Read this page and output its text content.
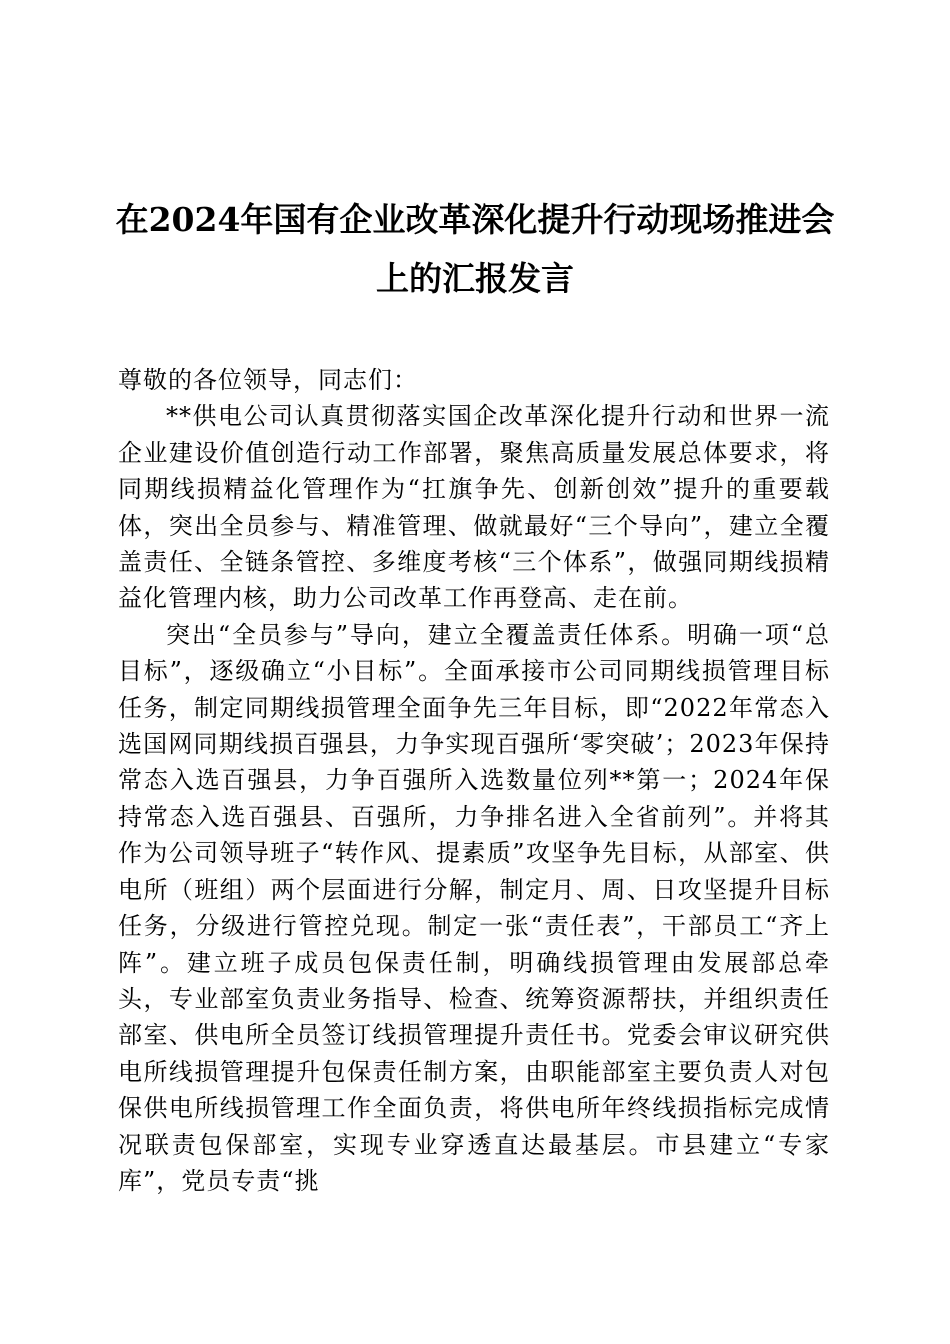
在2024年国有企业改革深化提升行动现场推进会上的汇报发言

尊敬的各位领导，同志们：

**供电公司认真贯彻落实国企改革深化提升行动和世界一流企业建设价值创造行动工作部署，聚焦高质量发展总体要求，将同期线损精益化管理作为“扛旗争先、创新创效”提升的重要载体，突出全员参与、精准管理、做就最好“三个导向”，建立全覆盖责任、全链条管控、多维度考核“三个体系”，做强同期线损精益化管理内核，助力公司改革工作再登高、走在前。

突出“全员参与”导向，建立全覆盖责任体系。明确一项“总目标”，逐级确立“小目标”。全面承接市公司同期线损管理目标任务，制定同期线损管理全面争先三年目标，即“2022年常态入选国网同期线损百强县，力争实现百强所‘零突破’；2023年保持常态入选百强县，力争百强所入选数量位列**第一；2024年保持常态入选百强县、百强所，力争排名进入全省前列”。并将其作为公司领导班子“转作风、提素质”攻坚争先目标，从部室、供电所（班组）两个层面进行分解，制定月、周、日攻坚提升目标任务，分级进行管控兑现。制定一张“责任表”，干部员工“齐上阵”。建立班子成员包保责任制，明确线损管理由发展部总牵头，专业部室负责业务指导、检查、统筹资源帮扶，并组织责任部室、供电所全员签订线损管理提升责任书。党委会审议研究供电所线损管理提升包保责任制方案，由职能部室主要负责人对包保供电所线损管理工作全面负责，将供电所年终线损指标完成情况联责包保部室，实现专业穿透直达最基层。市县建立“专家库”，党员专责“挑
